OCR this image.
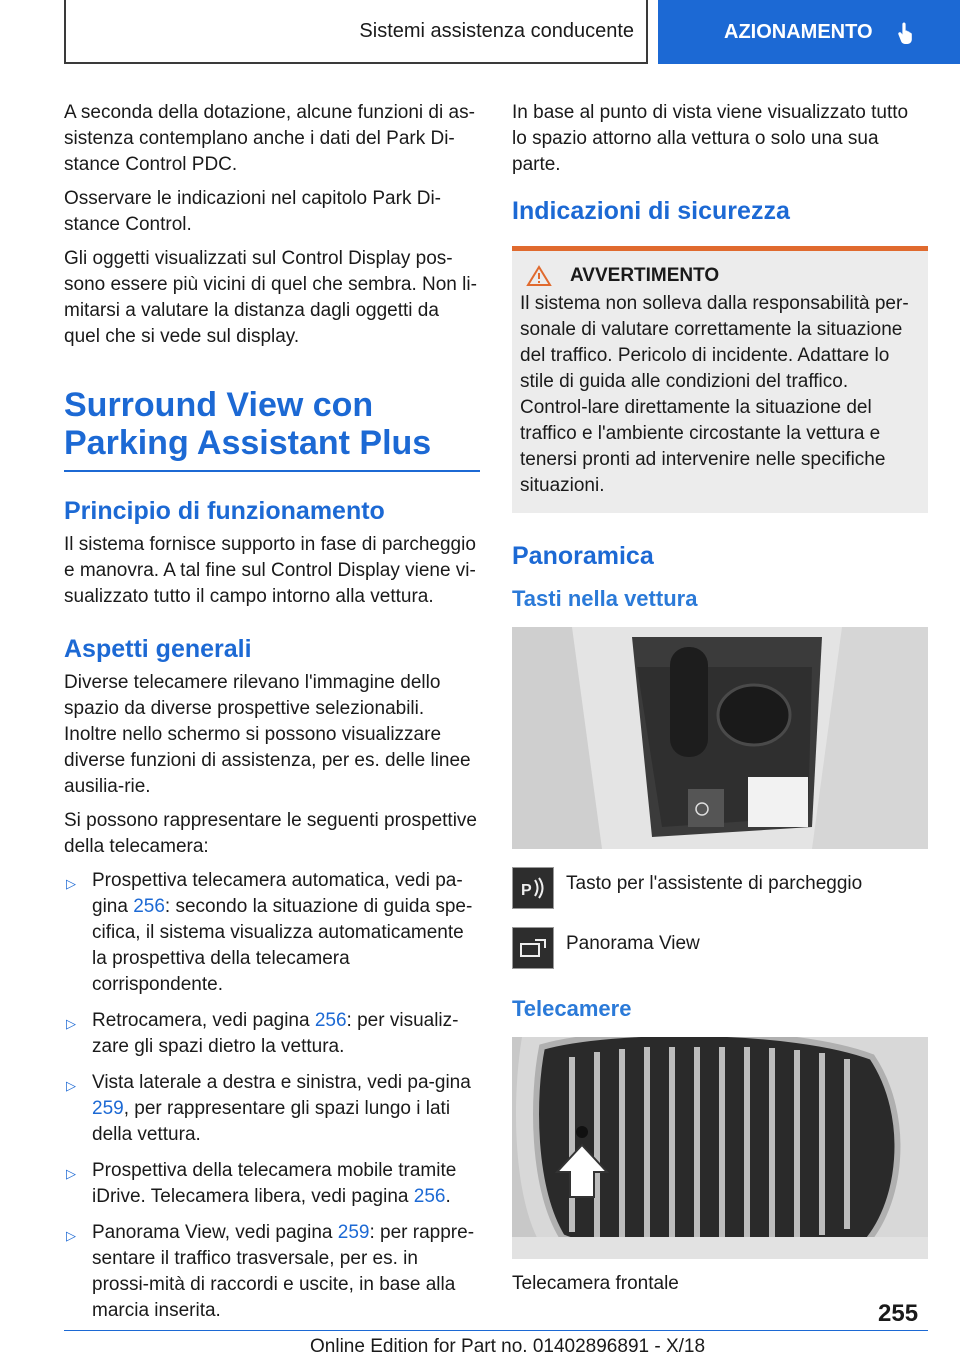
Sistemi assistenza conducente	AZIONAMENTO

A seconda della dotazione, alcune funzioni di as-sistenza contemplano anche i dati del Park Di-stance Control PDC.

Osservare le indicazioni nel capitolo Park Di-stance Control.

Gli oggetti visualizzati sul Control Display pos-sono essere più vicini di quel che sembra. Non li-mitarsi a valutare la distanza dagli oggetti da quel che si vede sul display.

Surround View con Parking Assistant Plus
Principio di funzionamento

Il sistema fornisce supporto in fase di parcheggio e manovra. A tal fine sul Control Display viene vi-sualizzato tutto il campo intorno alla vettura.

Aspetti generali

Diverse telecamere rilevano l'immagine dello spazio da diverse prospettive selezionabili. Inoltre nello schermo si possono visualizzare diverse funzioni di assistenza, per es. delle linee ausilia-rie.

Si possono rappresentare le seguenti prospettive della telecamera:

▷ Prospettiva telecamera automatica, vedi pa-gina 256: secondo la situazione di guida spe-cifica, il sistema visualizza automaticamente la prospettiva della telecamera corrispondente.
▷ Retrocamera, vedi pagina 256: per visualiz-zare gli spazi dietro la vettura.
▷ Vista laterale a destra e sinistra, vedi pa-gina 259, per rappresentare gli spazi lungo i lati della vettura.
▷ Prospettiva della telecamera mobile tramite iDrive. Telecamera libera, vedi pagina 256.
▷ Panorama View, vedi pagina 259: per rappre-sentare il traffico trasversale, per es. in prossi-mità di raccordi e uscite, in base alla marcia inserita.

In base al punto di vista viene visualizzato tutto lo spazio attorno alla vettura o solo una sua parte.

Indicazioni di sicurezza
AVVERTIMENTO

Il sistema non solleva dalla responsabilità per-sonale di valutare correttamente la situazione del traffico. Pericolo di incidente. Adattare lo stile di guida alle condizioni del traffico. Control-lare direttamente la situazione del traffico e l'ambiente circostante la vettura e tenersi pronti ad intervenire nelle specifiche situazioni.

Panoramica
Tasti nella vettura
P Tasto per l'assistente di parcheggio
Panorama View
Telecamere

Telecamera frontale

255
Online Edition for Part no. 01402896891 - X/18
